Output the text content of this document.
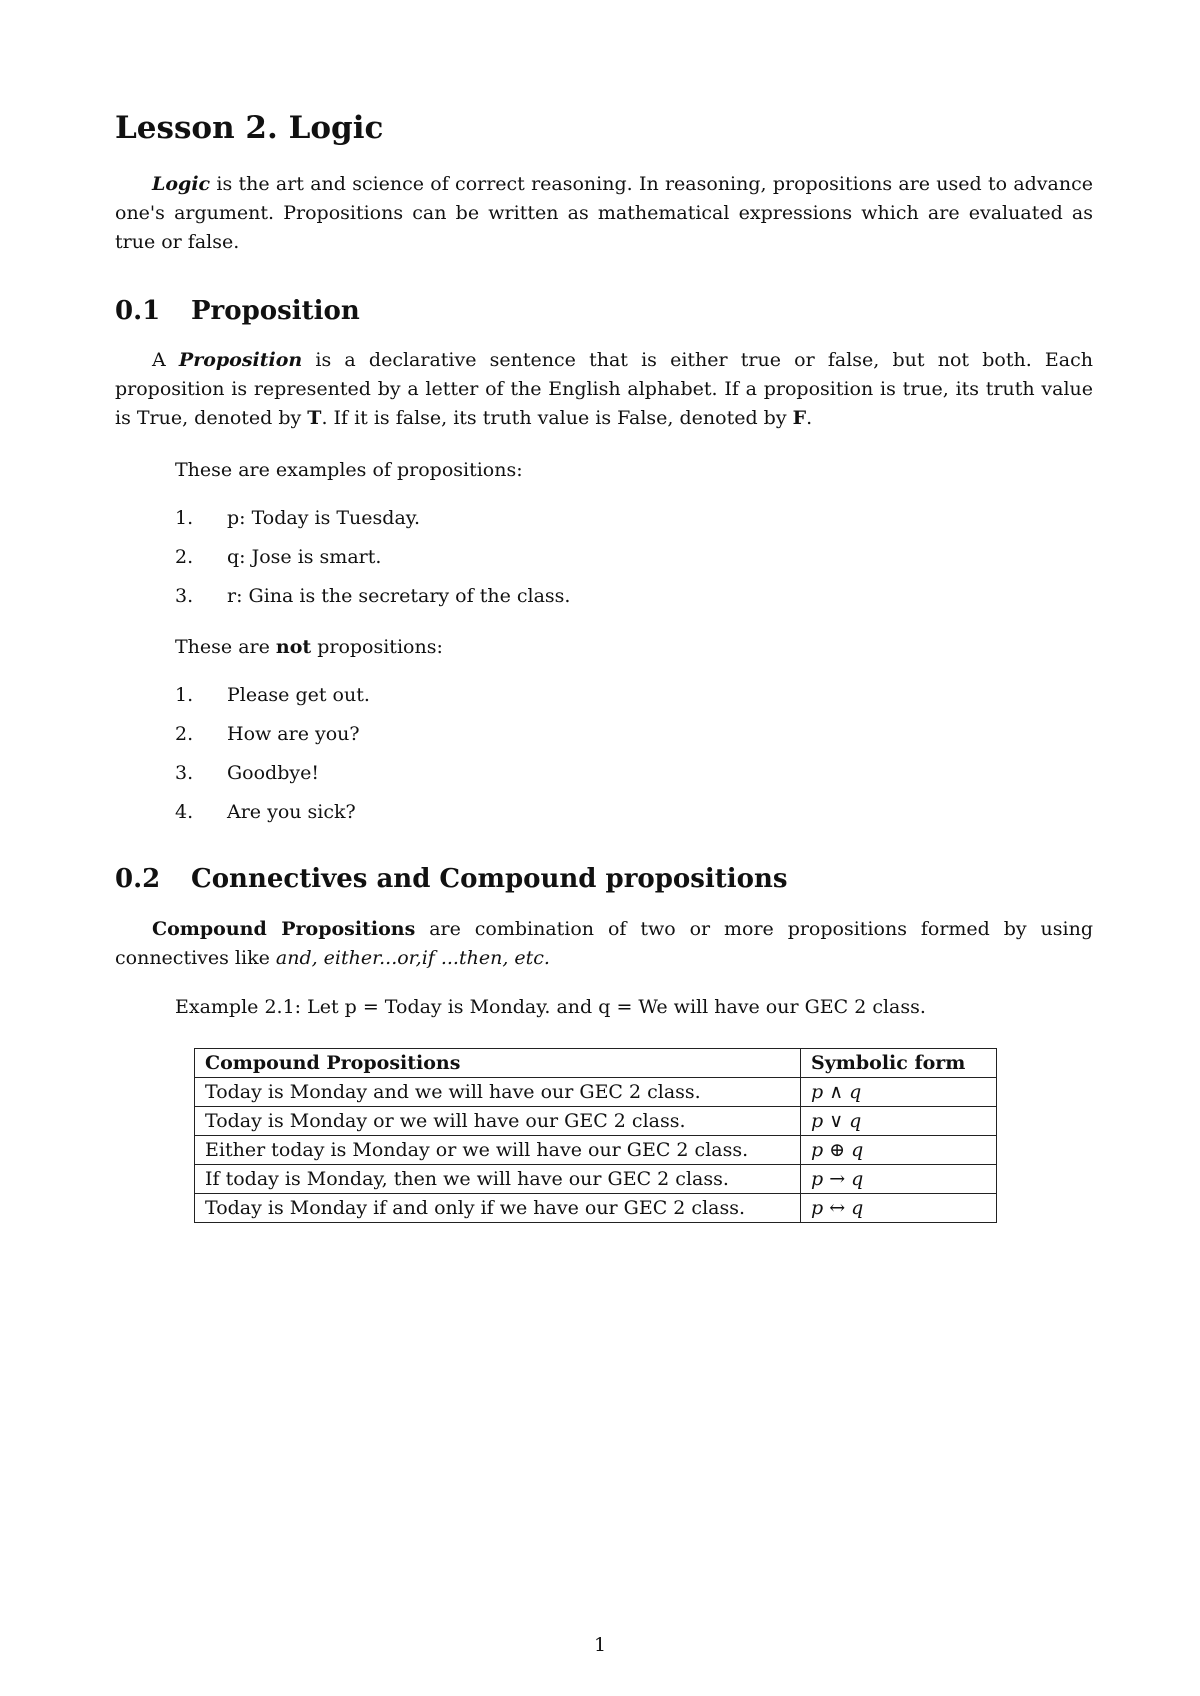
Lesson 2. Logic

Logic is the art and science of correct reasoning. In reasoning, propositions are used to advance one's argument. Propositions can be written as mathematical expressions which are evaluated as true or false.

0.1 Proposition

A Proposition is a declarative sentence that is either true or false, but not both. Each proposition is represented by a letter of the English alphabet. If a proposition is true, its truth value is True, denoted by T. If it is false, its truth value is False, denoted by F.

These are examples of propositions:

1. p: Today is Tuesday.
2. q: Jose is smart.
3. r: Gina is the secretary of the class.

These are not propositions:

1. Please get out.
2. How are you?
3. Goodbye!
4. Are you sick?
0.2 Connectives and Compound propositions

Compound Propositions are combination of two or more propositions formed by using connectives like and, either...or,if ...then, etc.

Example 2.1: Let p = Today is Monday. and q = We will have our GEC 2 class.

Compound Propositions	Symbolic form
Today is Monday and we will have our GEC 2 class.	p ∧ q
Today is Monday or we will have our GEC 2 class.	p ∨ q
Either today is Monday or we will have our GEC 2 class.	p ⊕ q
If today is Monday, then we will have our GEC 2 class.	p → q
Today is Monday if and only if we have our GEC 2 class.	p ↔ q
1
